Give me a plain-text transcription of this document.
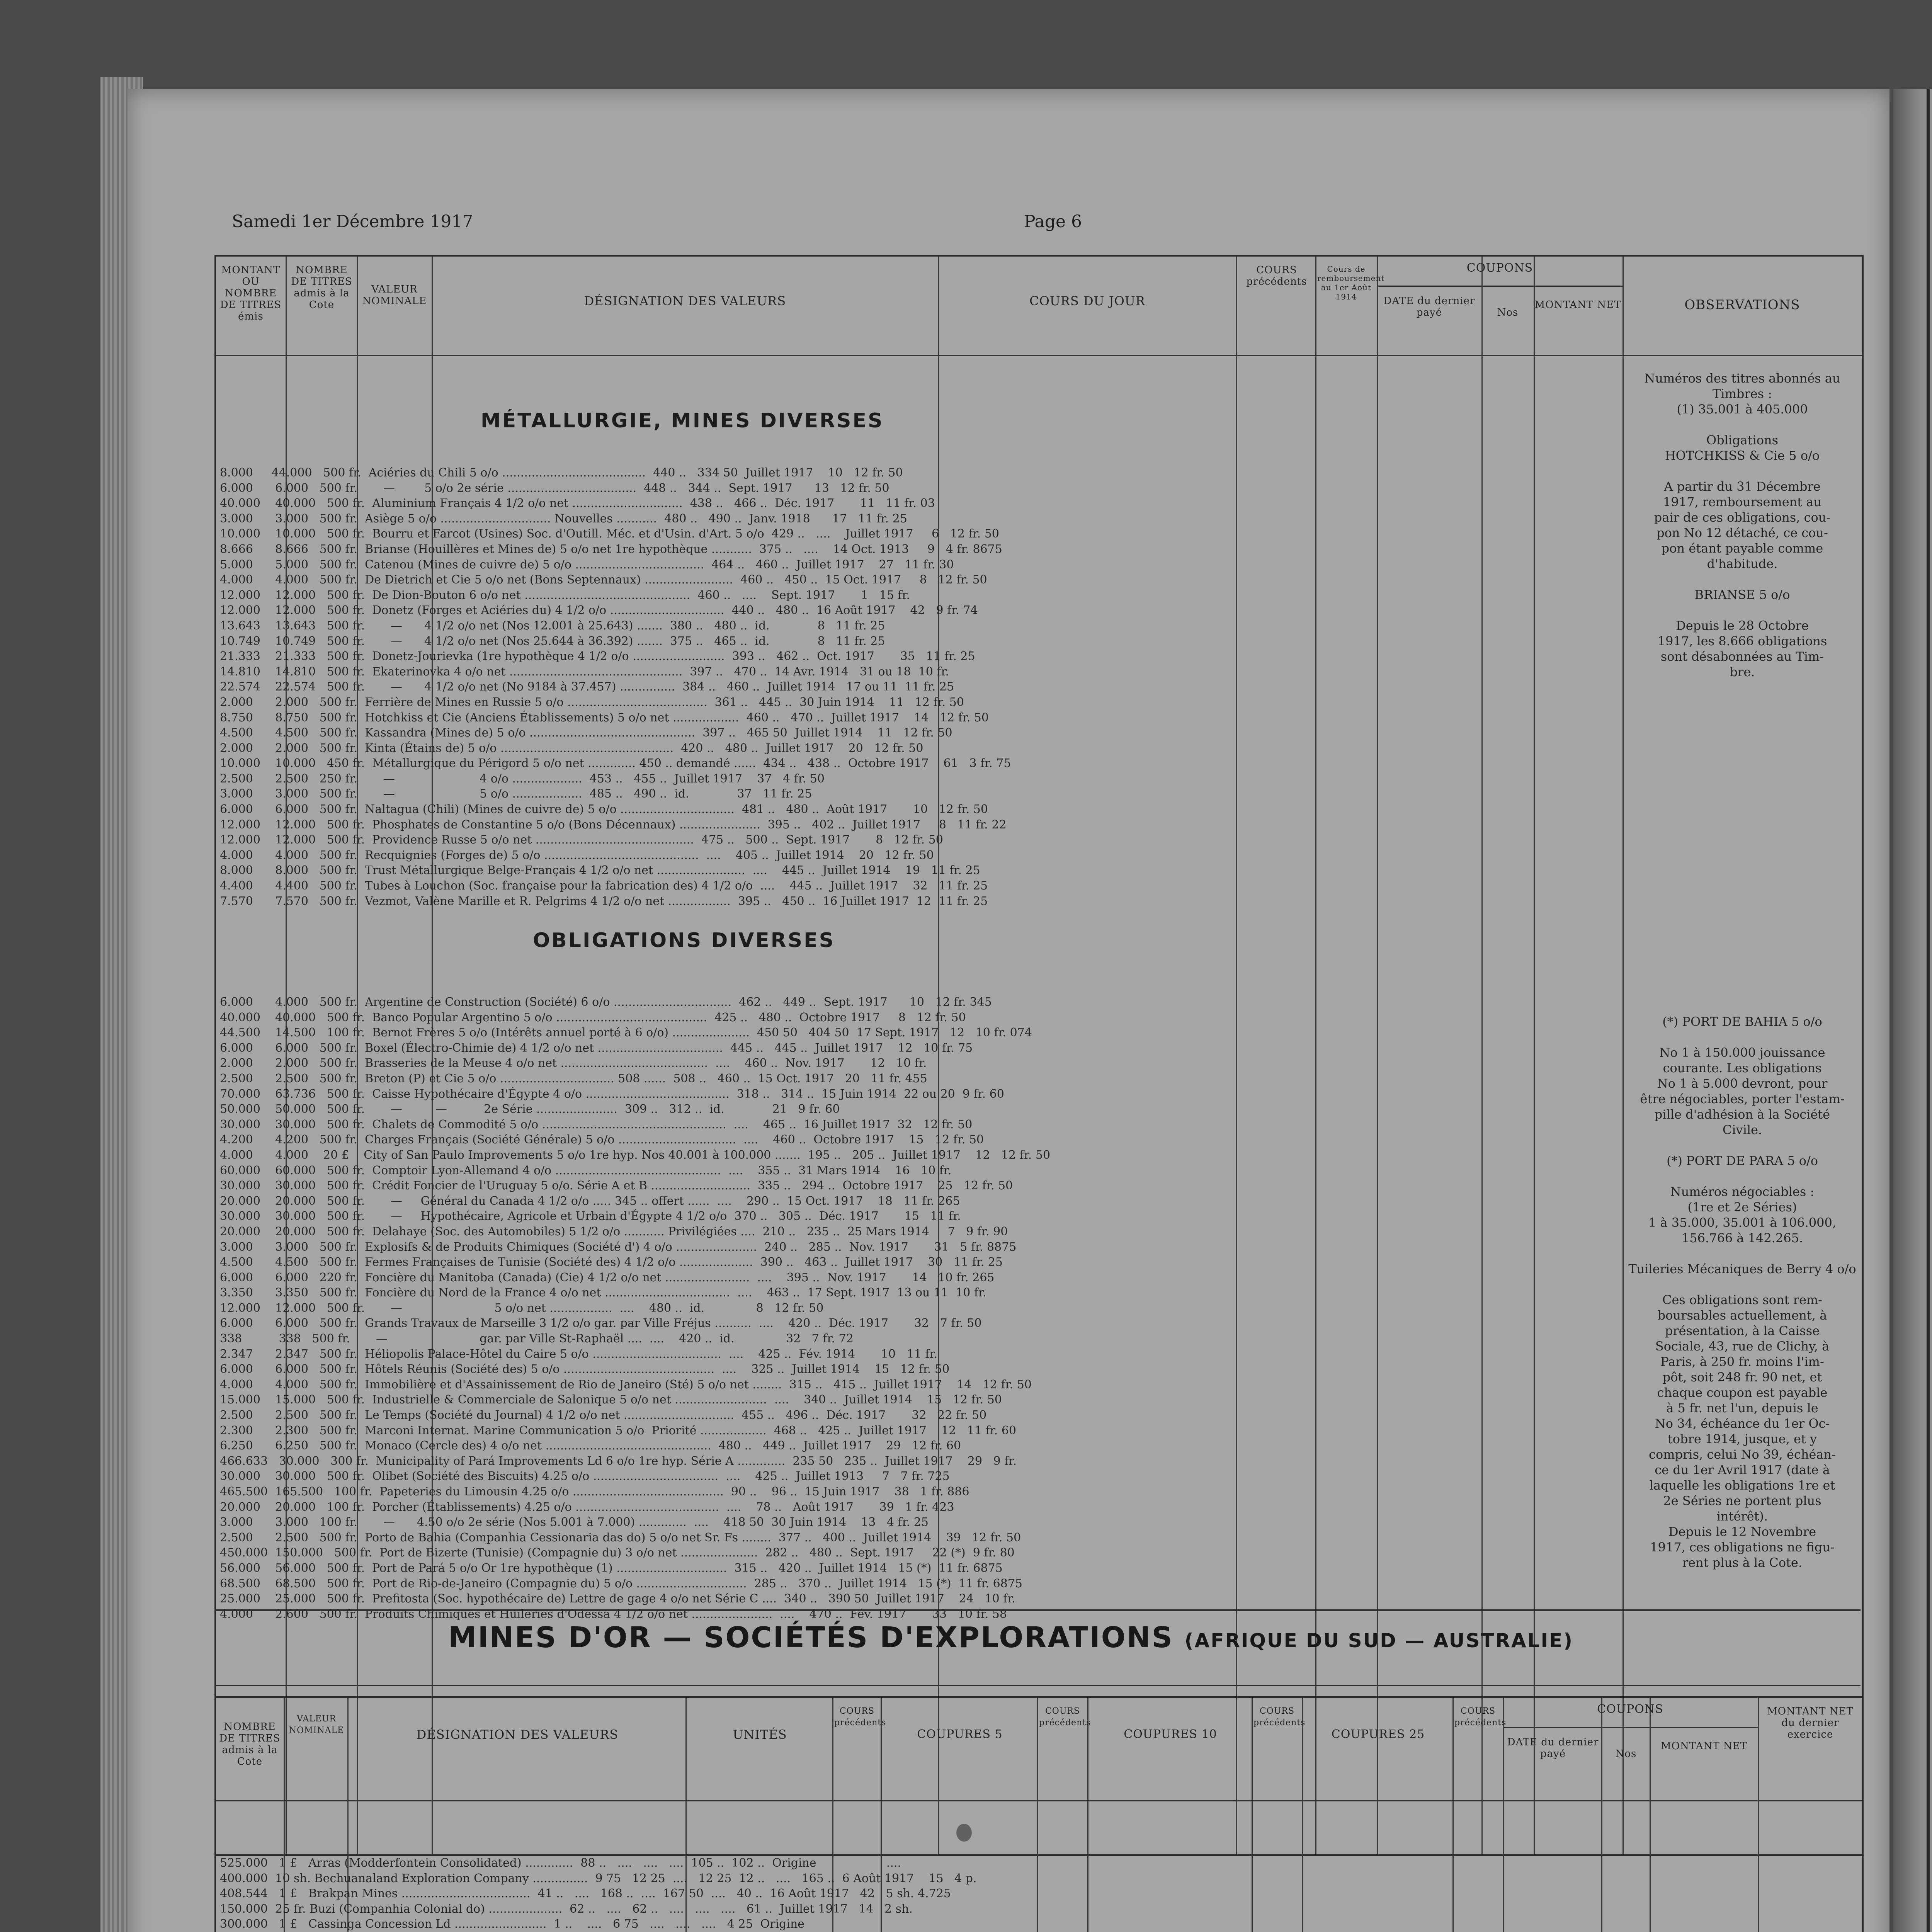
Samedi 1er Décembre 1917	Page 6
MONTANT OU NOMBRE DE TITRES émis
NOMBRE DE TITRES admis à la Cote
VALEUR NOMINALE	DÉSIGNATION DES VALEURS	COURS DU JOUR
COURS précédents
Cours de remboursement au 1er Août 1914
COUPONS
DATE du dernier payé	Nos
MONTANT NET	OBSERVATIONS
MÉTALLURGIE, MINES DIVERSES
8.000     44.000   500 fr.  Aciéries du Chili 5 o/o .......................................  440 ..   334 50  Juillet 1917    10   12 fr. 50
6.000      6.000   500 fr.       —        5 o/o 2e série ...................................  448 ..   344 ..  Sept. 1917      13   12 fr. 50
40.000    40.000   500 fr.  Aluminium Français 4 1/2 o/o net ..............................  438 ..   466 ..  Déc. 1917       11   11 fr. 03
3.000      3.000   500 fr.  Asiège 5 o/o .............................. Nouvelles ...........  480 ..   490 ..  Janv. 1918      17   11 fr. 25
10.000    10.000   500 fr.  Bourru et Farcot (Usines) Soc. d'Outill. Méc. et d'Usin. d'Art. 5 o/o  429 ..   ....    Juillet 1917     6   12 fr. 50
8.666      8.666   500 fr.  Brianse (Houillères et Mines de) 5 o/o net 1re hypothèque ...........  375 ..   ....    14 Oct. 1913     9   4 fr. 8675
5.000      5.000   500 fr.  Catenou (Mines de cuivre de) 5 o/o ...................................  464 ..   460 ..  Juillet 1917    27   11 fr. 30
4.000      4.000   500 fr.  De Dietrich et Cie 5 o/o net (Bons Septennaux) ........................  460 ..   450 ..  15 Oct. 1917     8   12 fr. 50
12.000    12.000   500 fr.  De Dion-Bouton 6 o/o net .............................................  460 ..   ....    Sept. 1917       1   15 fr.
12.000    12.000   500 fr.  Donetz (Forges et Aciéries du) 4 1/2 o/o ...............................  440 ..   480 ..  16 Août 1917    42   9 fr. 74
13.643    13.643   500 fr.       —      4 1/2 o/o net (Nos 12.001 à 25.643) .......  380 ..   480 ..  id.             8   11 fr. 25
10.749    10.749   500 fr.       —      4 1/2 o/o net (Nos 25.644 à 36.392) .......  375 ..   465 ..  id.             8   11 fr. 25
21.333    21.333   500 fr.  Donetz-Jourievka (1re hypothèque 4 1/2 o/o .........................  393 ..   462 ..  Oct. 1917       35   11 fr. 25
14.810    14.810   500 fr.  Ekaterinovka 4 o/o net ...............................................  397 ..   470 ..  14 Avr. 1914   31 ou 18  10 fr.
22.574    22.574   500 fr.       —      4 1/2 o/o net (No 9184 à 37.457) ...............  384 ..   460 ..  Juillet 1914   17 ou 11  11 fr. 25
2.000      2.000   500 fr.  Ferrière de Mines en Russie 5 o/o ......................................  361 ..   445 ..  30 Juin 1914    11   12 fr. 50
8.750      8.750   500 fr.  Hotchkiss et Cie (Anciens Établissements) 5 o/o net ..................  460 ..   470 ..  Juillet 1917    14   12 fr. 50
4.500      4.500   500 fr.  Kassandra (Mines de) 5 o/o .............................................  397 ..   465 50  Juillet 1914    11   12 fr. 50
2.000      2.000   500 fr.  Kinta (Étains de) 5 o/o ...............................................  420 ..   480 ..  Juillet 1917    20   12 fr. 50
10.000    10.000   450 fr.  Métallurgique du Périgord 5 o/o net ............. 450 .. demandé ......  434 ..   438 ..  Octobre 1917    61   3 fr. 75
2.500      2.500   250 fr.       —                       4 o/o ...................  453 ..   455 ..  Juillet 1917    37   4 fr. 50
3.000      3.000   500 fr.       —                       5 o/o ...................  485 ..   490 ..  id.             37   11 fr. 25
6.000      6.000   500 fr.  Naltagua (Chili) (Mines de cuivre de) 5 o/o ...............................  481 ..   480 ..  Août 1917       10   12 fr. 50
12.000    12.000   500 fr.  Phosphates de Constantine 5 o/o (Bons Décennaux) ......................  395 ..   402 ..  Juillet 1917     8   11 fr. 22
12.000    12.000   500 fr.  Providence Russe 5 o/o net ...........................................  475 ..   500 ..  Sept. 1917       8   12 fr. 50
4.000      4.000   500 fr.  Recquignies (Forges de) 5 o/o ..........................................  ....    405 ..  Juillet 1914    20   12 fr. 50
8.000      8.000   500 fr.  Trust Métallurgique Belge-Français 4 1/2 o/o net ........................  ....    445 ..  Juillet 1914    19   11 fr. 25
4.400      4.400   500 fr.  Tubes à Louchon (Soc. française pour la fabrication des) 4 1/2 o/o  ....    445 ..  Juillet 1917    32   11 fr. 25
7.570      7.570   500 fr.  Vezmot, Valène Marille et R. Pelgrims 4 1/2 o/o net .................  395 ..   450 ..  16 Juillet 1917  12  11 fr. 25
OBLIGATIONS DIVERSES
6.000      4.000   500 fr.  Argentine de Construction (Société) 6 o/o ................................  462 ..   449 ..  Sept. 1917      10   12 fr. 345
40.000    40.000   500 fr.  Banco Popular Argentino 5 o/o .........................................  425 ..   480 ..  Octobre 1917     8   12 fr. 50
44.500    14.500   100 fr.  Bernot Frères 5 o/o (Intérêts annuel porté à 6 o/o) .....................  450 50   404 50  17 Sept. 1917   12   10 fr. 074
6.000      6.000   500 fr.  Boxel (Électro-Chimie de) 4 1/2 o/o net ..................................  445 ..   445 ..  Juillet 1917    12   10 fr. 75
2.000      2.000   500 fr.  Brasseries de la Meuse 4 o/o net ........................................  ....    460 ..  Nov. 1917       12   10 fr.
2.500      2.500   500 fr.  Breton (P) et Cie 5 o/o ............................... 508 ......  508 ..   460 ..  15 Oct. 1917   20   11 fr. 455
70.000    63.736   500 fr.  Caisse Hypothécaire d'Égypte 4 o/o .......................................  318 ..   314 ..  15 Juin 1914  22 ou 20  9 fr. 60
50.000    50.000   500 fr.       —         —          2e Série ......................  309 ..   312 ..  id.             21   9 fr. 60
30.000    30.000   500 fr.  Chalets de Commodité 5 o/o ..................................................  ....    465 ..  16 Juillet 1917  32   12 fr. 50
4.200      4.200   500 fr.  Charges Français (Société Générale) 5 o/o ................................  ....    460 ..  Octobre 1917    15   12 fr. 50
4.000      4.000    20 £    City of San Paulo Improvements 5 o/o 1re hyp. Nos 40.001 à 100.000 .......  195 ..   205 ..  Juillet 1917    12   12 fr. 50
60.000    60.000   500 fr.  Comptoir Lyon-Allemand 4 o/o .............................................  ....    355 ..  31 Mars 1914    16   10 fr.
30.000    30.000   500 fr.  Crédit Foncier de l'Uruguay 5 o/o. Série A et B ...........................  335 ..   294 ..  Octobre 1917    25   12 fr. 50
20.000    20.000   500 fr.       —     Général du Canada 4 1/2 o/o ..... 345 .. offert ......  ....    290 ..  15 Oct. 1917    18   11 fr. 265
30.000    30.000   500 fr.       —     Hypothécaire, Agricole et Urbain d'Égypte 4 1/2 o/o  370 ..   305 ..  Déc. 1917       15   11 fr.
20.000    20.000   500 fr.  Delahaye (Soc. des Automobiles) 5 1/2 o/o ........... Privilégiées ....  210 ..   235 ..  25 Mars 1914     7   9 fr. 90
3.000      3.000   500 fr.  Explosifs & de Produits Chimiques (Société d') 4 o/o ......................  240 ..   285 ..  Nov. 1917       31   5 fr. 8875
4.500      4.500   500 fr.  Fermes Françaises de Tunisie (Société des) 4 1/2 o/o ....................  390 ..   463 ..  Juillet 1917    30   11 fr. 25
6.000      6.000   220 fr.  Foncière du Manitoba (Canada) (Cie) 4 1/2 o/o net .......................  ....    395 ..  Nov. 1917       14   10 fr. 265
3.350      3.350   500 fr.  Foncière du Nord de la France 4 o/o net ..................................  ....    463 ..  17 Sept. 1917  13 ou 11  10 fr.
12.000    12.000   500 fr.       —                         5 o/o net .................  ....    480 ..  id.              8   12 fr. 50
6.000      6.000   500 fr.  Grands Travaux de Marseille 3 1/2 o/o gar. par Ville Fréjus ..........  ....    420 ..  Déc. 1917       32   7 fr. 50
338          338   500 fr.       —                         gar. par Ville St-Raphaël ....  ....    420 ..  id.              32   7 fr. 72
2.347      2.347   500 fr.  Héliopolis Palace-Hôtel du Caire 5 o/o ...................................  ....    425 ..  Fév. 1914       10   11 fr.
6.000      6.000   500 fr.  Hôtels Réunis (Société des) 5 o/o .........................................  ....    325 ..  Juillet 1914    15   12 fr. 50
4.000      4.000   500 fr.  Immobilière et d'Assainissement de Rio de Janeiro (Sté) 5 o/o net ........  315 ..   415 ..  Juillet 1917    14   12 fr. 50
15.000    15.000   500 fr.  Industrielle & Commerciale de Salonique 5 o/o net .........................  ....    340 ..  Juillet 1914    15   12 fr. 50
2.500      2.500   500 fr.  Le Temps (Société du Journal) 4 1/2 o/o net ..............................  455 ..   496 ..  Déc. 1917       32   22 fr. 50
2.300      2.300   500 fr.  Marconi Internat. Marine Communication 5 o/o  Priorité ..................  468 ..   425 ..  Juillet 1917    12   11 fr. 60
6.250      6.250   500 fr.  Monaco (Cercle des) 4 o/o net .............................................  480 ..   449 ..  Juillet 1917    29   12 fr. 60
466.633   30.000   300 fr.  Municipality of Pará Improvements Ld 6 o/o 1re hyp. Série A .............  235 50   235 ..  Juillet 1917    29   9 fr.
30.000    30.000   500 fr.  Olibet (Société des Biscuits) 4.25 o/o ..................................  ....    425 ..  Juillet 1913     7   7 fr. 725
465.500  165.500   100 fr.  Papeteries du Limousin 4.25 o/o .........................................  90 ..    96 ..  15 Juin 1917    38   1 fr. 886
20.000    20.000   100 fr.  Porcher (Établissements) 4.25 o/o .......................................  ....    78 ..   Août 1917       39   1 fr. 423
3.000      3.000   100 fr.       —      4.50 o/o 2e série (Nos 5.001 à 7.000) .............  ....    418 50  30 Juin 1914    13   4 fr. 25
2.500      2.500   500 fr.  Porto de Bahia (Companhia Cessionaria das do) 5 o/o net Sr. Fs ........  377 ..   400 ..  Juillet 1914    39   12 fr. 50
450.000  150.000   500 fr.  Port de Bizerte (Tunisie) (Compagnie du) 3 o/o net .....................  282 ..   480 ..  Sept. 1917     22 (*)  9 fr. 80
56.000    56.000   500 fr.  Port de Pará 5 o/o Or 1re hypothèque (1) ..............................  315 ..   420 ..  Juillet 1914   15 (*)  11 fr. 6875
68.500    68.500   500 fr.  Port de Rio-de-Janeiro (Compagnie du) 5 o/o ..............................  285 ..   370 ..  Juillet 1914   15 (*)  11 fr. 6875
25.000    25.000   500 fr.  Prefitosta (Soc. hypothécaire de) Lettre de gage 4 o/o net Série C ....  340 ..   390 50  Juillet 1917    24   10 fr.
4.000      2.600   500 fr.  Produits Chimiques et Huileries d'Odessa 4 1/2 o/o net ......................  ....    470 ..  Fév. 1917       33   10 fr. 58
Numéros des titres abonnés au Timbres :
(1) 35.001 à 405.000
Obligations
HOTCHKISS & Cie 5 o/o
A partir du 31 Décembre
1917, remboursement au
pair de ces obligations, cou-
pon No 12 détaché, ce cou-
pon étant payable comme
d'habitude.
BRIANSE 5 o/o
Depuis le 28 Octobre
1917, les 8.666 obligations
sont désabonnées au Tim-
bre.
(*) PORT DE BAHIA 5 o/o
No 1 à 150.000 jouissance
courante. Les obligations
No 1 à 5.000 devront, pour
être négociables, porter l'estam-
pille d'adhésion à la Société
Civile.
(*) PORT DE PARA 5 o/o
Numéros négociables :
(1re et 2e Séries)
1 à 35.000, 35.001 à 106.000,
156.766 à 142.265.
Tuileries Mécaniques de Berry 4 o/o
Ces obligations sont rem-
boursables actuellement, à
présentation, à la Caisse
Sociale, 43, rue de Clichy, à
Paris, à 250 fr. moins l'im-
pôt, soit 248 fr. 90 net, et
chaque coupon est payable
à 5 fr. net l'un, depuis le
No 34, échéance du 1er Oc-
tobre 1914, jusque, et y
compris, celui No 39, échéan-
ce du 1er Avril 1917 (date à
laquelle les obligations 1re et
2e Séries ne portent plus
intérêt).
Depuis le 12 Novembre
1917, ces obligations ne figu-
rent plus à la Cote.
MINES D'OR — SOCIÉTÉS D'EXPLORATIONS (AFRIQUE DU SUD — AUSTRALIE)
NOMBRE DE TITRES admis à la Cote
VALEUR NOMINALE	DÉSIGNATION DES VALEURS	UNITÉS
COURS précédents
COUPURES 5
COURS précédents
COUPURES 10
COURS précédents
COUPURES 25
COURS précédents
COUPONS
DATE du dernier payé	Nos
MONTANT NET
MONTANT NET du dernier exercice
525.000   1 £   Arras (Modderfontein Consolidated) .............  88 ..   ....   ....   ....  105 ..  102 ..  Origine                   ....
400.000  10 sh. Bechuanaland Exploration Company ...............  9 75   12 25  ....   12 25  12 ..   ....   165 ..  6 Août 1917    15   4 p.
408.544   1 £   Brakpan Mines ...................................  41 ..   ....   168 ..  ....  167 50  ....   40 ..  16 Août 1917   42   5 sh. 4.725
150.000  25 fr. Buzi (Companhia Colonial do) ....................  62 ..   ....   62 ..   ....   ....   ....   61 ..  Juillet 1917   14   2 sh.
300.000   1 £   Cassinga Concession Ld .........................  1 ..    ....   6 75   ....   ....   ....   4 25  Origine
